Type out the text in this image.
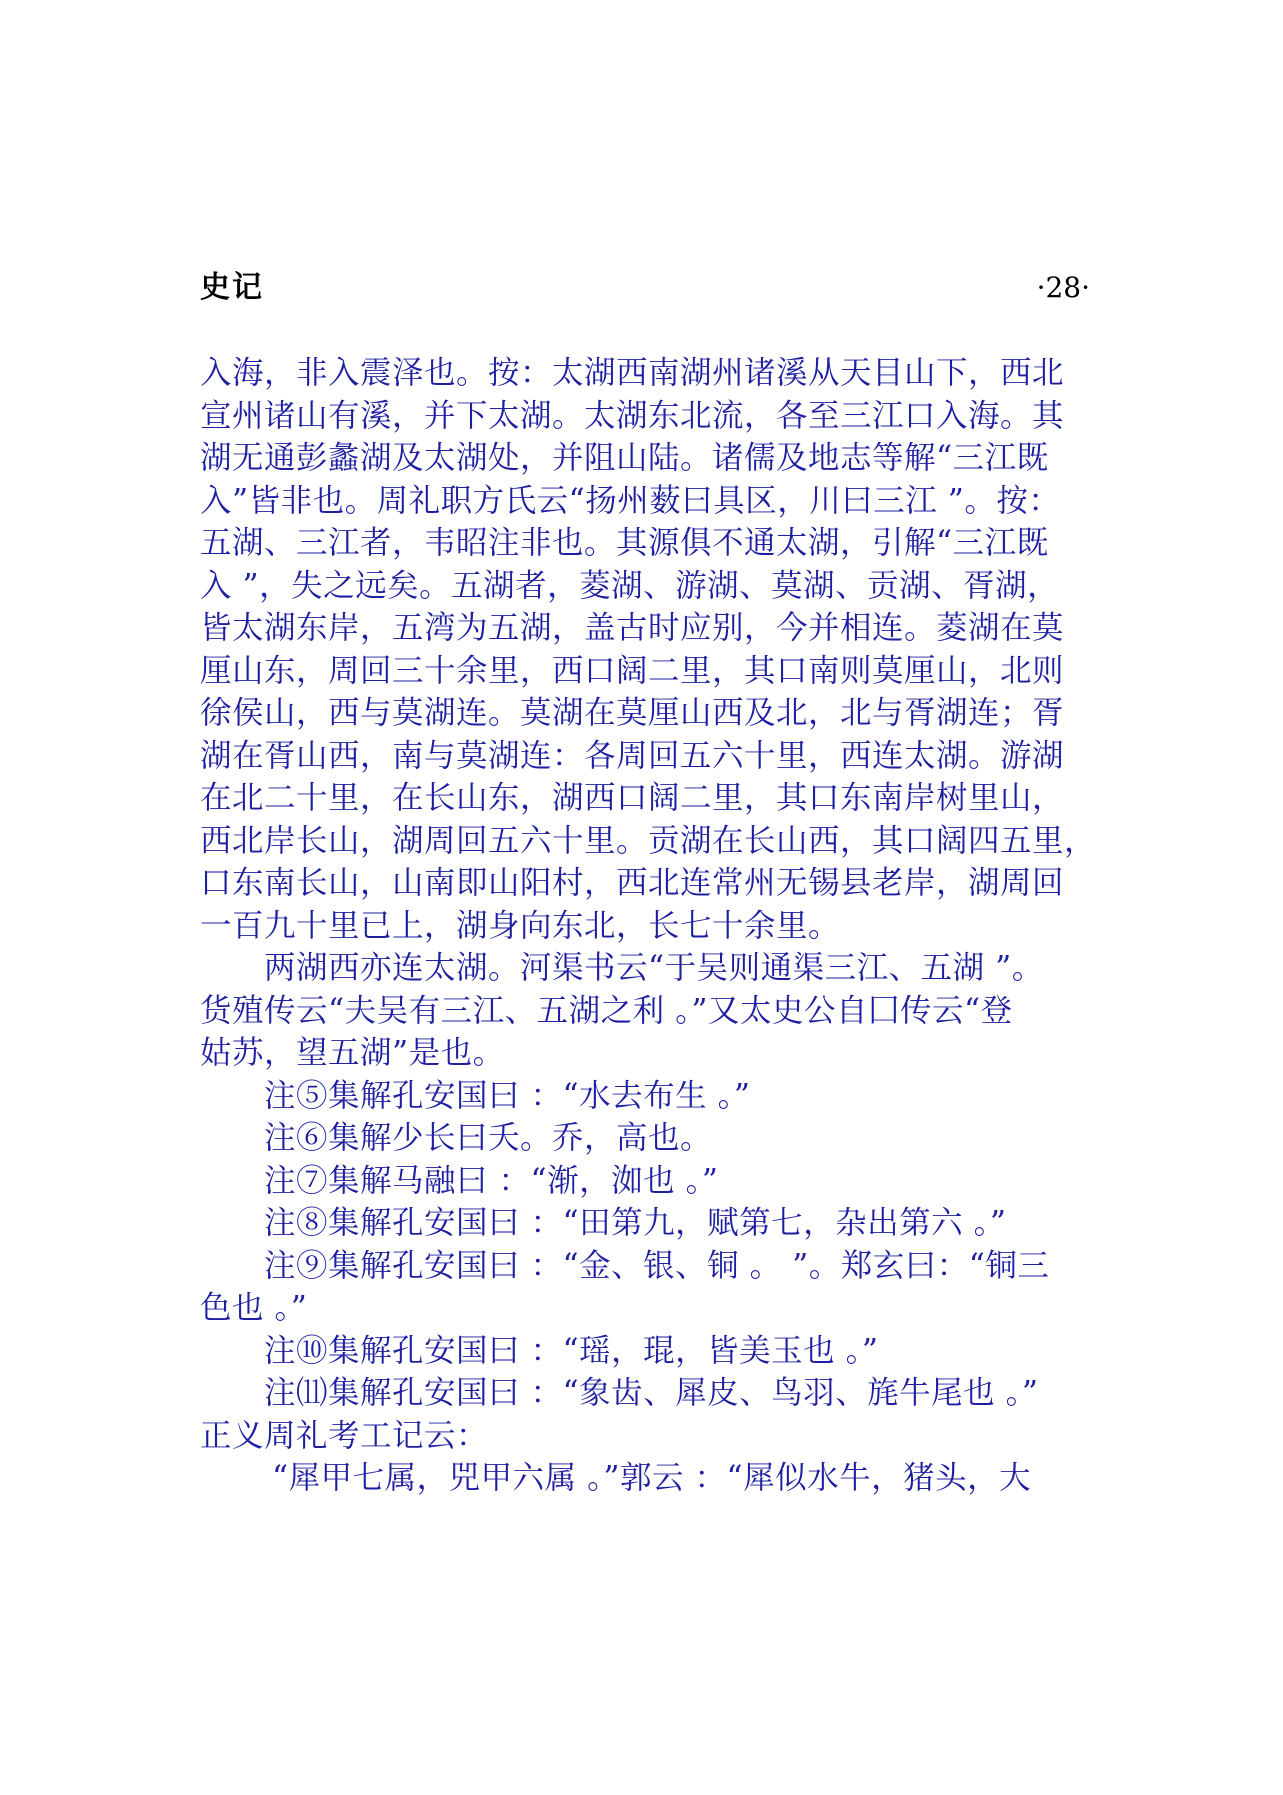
史记	·28·
入海，非入震泽也。按：太湖西南湖州诸溪从天目山下，西北
宣州诸山有溪，并下太湖。太湖东北流，各至三江口入海。其
湖无通彭蠡湖及太湖处，并阻山陆。诸儒及地志等解“三江既
入”皆非也。周礼职方氏云“扬州薮曰具区，川曰三江 ”。按：
五湖、三江者，韦昭注非也。其源俱不通太湖，引解“三江既
入 ”，失之远矣。五湖者，菱湖、游湖、莫湖、贡湖、胥湖，
皆太湖东岸，五湾为五湖，盖古时应别，今并相连。菱湖在莫
厘山东，周回三十余里，西口阔二里，其口南则莫厘山，北则
徐侯山，西与莫湖连。莫湖在莫厘山西及北，北与胥湖连；胥
湖在胥山西，南与莫湖连：各周回五六十里，西连太湖。游湖
在北二十里，在长山东，湖西口阔二里，其口东南岸树里山，
西北岸长山，湖周回五六十里。贡湖在长山西，其口阔四五里，
口东南长山，山南即山阳村，西北连常州无锡县老岸，湖周回
一百九十里已上，湖身向东北，长七十余里。
两湖西亦连太湖。河渠书云“于吴则通渠三江、五湖 ”。
货殖传云“夫吴有三江、五湖之利 。”又太史公自囗传云“登
姑苏，望五湖”是也。
注⑤集解孔安国曰 ：“水去布生 。”
注⑥集解少长曰夭。乔，高也。
注⑦集解马融曰 ：“渐，洳也 。”
注⑧集解孔安国曰 ：“田第九，赋第七，杂出第六 。”
注⑨集解孔安国曰 ：“金、银、铜 。 ”。郑玄曰：“铜三
色也 。”
注⑩集解孔安国曰 ：“瑶，琨，皆美玉也 。”
注⑾集解孔安国曰 ：“象齿、犀皮、鸟羽、旄牛尾也 。”
正义周礼考工记云：
“犀甲七属，兕甲六属 。”郭云 ：“犀似水牛，猪头，大
